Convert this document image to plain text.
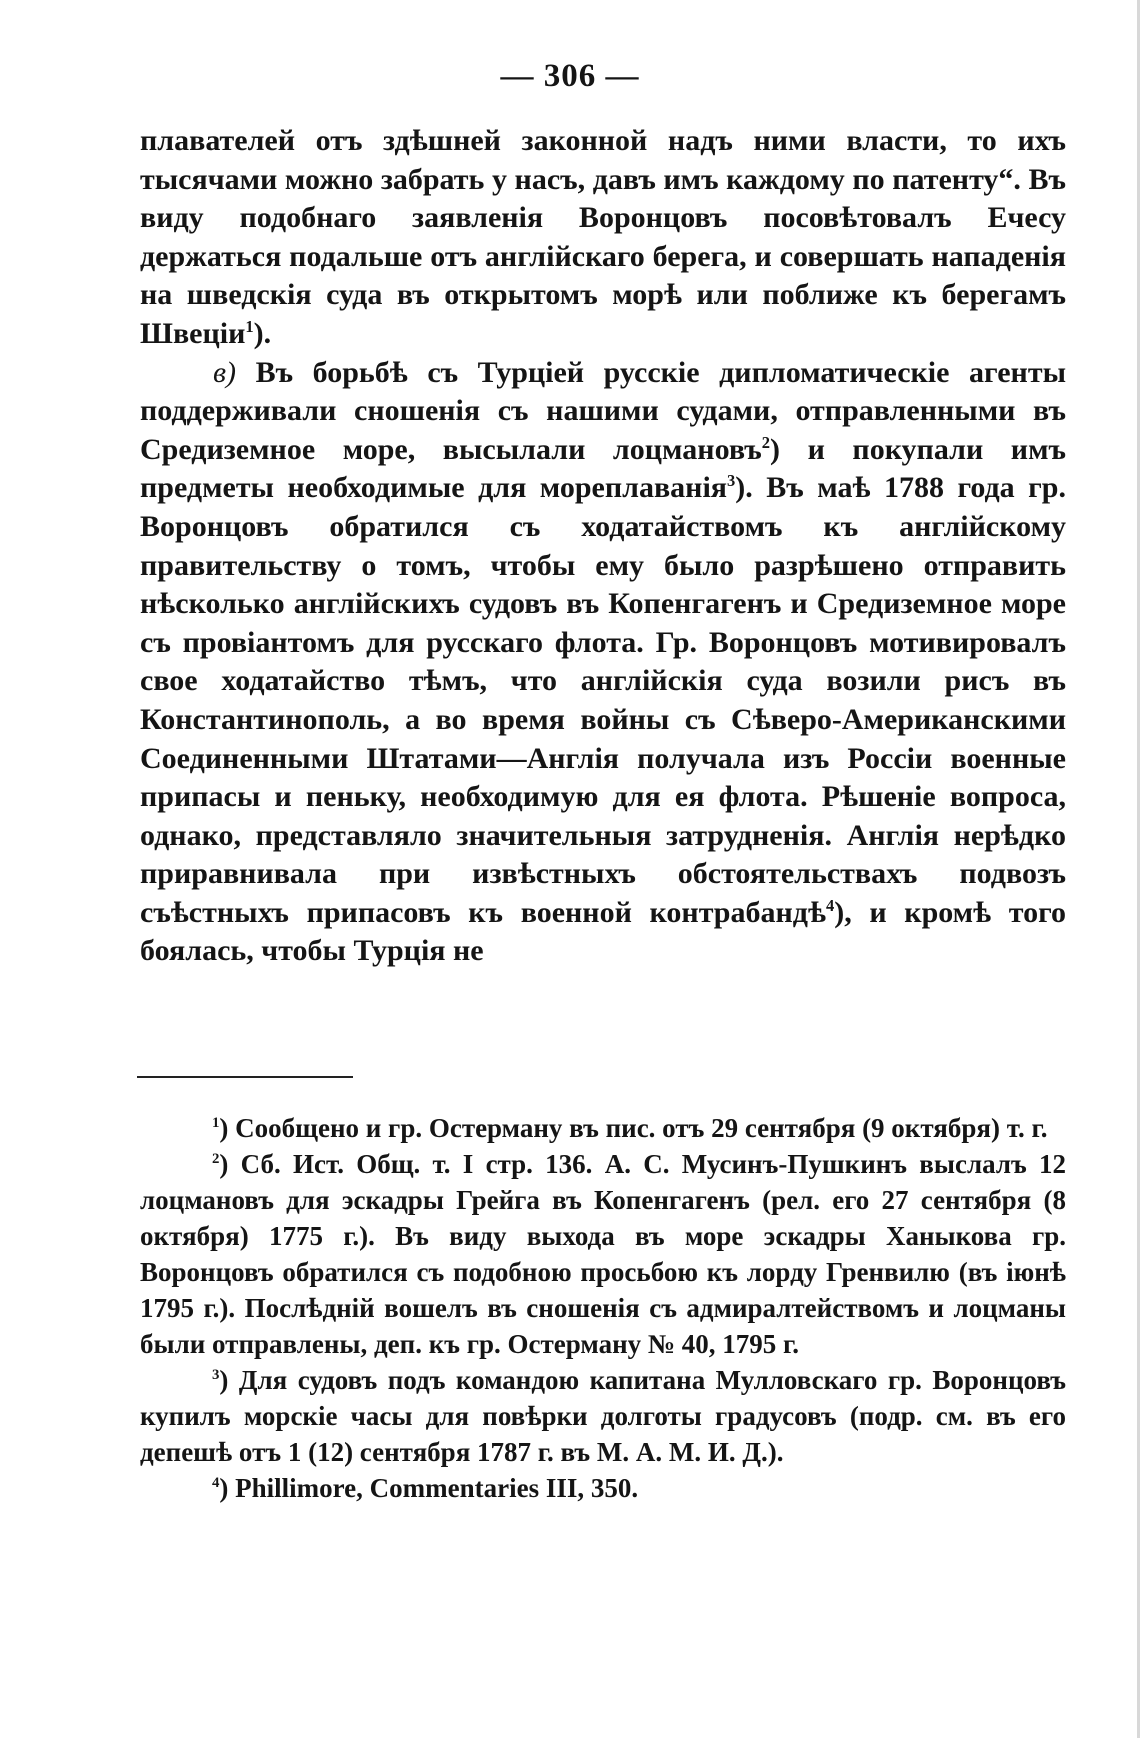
— 306 —

плавателей отъ здѣшней законной надъ ними власти, то ихъ тысячами можно забрать у насъ, давъ имъ каждому по патенту“. Въ виду подобнаго заявленія Воронцовъ посовѣтовалъ Ечесу держаться подальше отъ англійскаго берега, и совершать нападенія на шведскія суда въ открытомъ морѣ или поближе къ берегамъ Швеціи$^1$).

в) Въ борьбѣ съ Турціей русскіе дипломатическіе агенты поддерживали сношенія съ нашими судами, отправленными въ Средиземное море, высылали лоцмановъ$^2$) и покупали имъ предметы необходимые для мореплаванія$^3$). Въ маѣ 1788 года гр. Воронцовъ обратился съ ходатайствомъ къ англійскому правительству о томъ, чтобы ему было разрѣшено отправить нѣсколько англійскихъ судовъ въ Копенгагенъ и Средиземное море съ провіантомъ для русскаго флота. Гр. Воронцовъ мотивировалъ свое ходатайство тѣмъ, что англійскія суда возили рисъ въ Константинополь, а во время войны съ Сѣверо-Американскими Соединенными Штатами—Англія получала изъ Россіи военные припасы и пеньку, необходимую для ея флота. Рѣшеніе вопроса, однако, представляло значительныя затрудненія. Англія нерѣдко приравнивала при извѣстныхъ обстоятельствахъ подвозъ съѣстныхъ припасовъ къ военной контрабандѣ$^4$), и кромѣ того боялась, чтобы Турція не

$^1$) Сообщено и гр. Остерману въ пис. отъ 29 сентября (9 октября) т. г.

$^2$) Сб. Ист. Общ. т. I стр. 136. А. С. Мусинъ-Пушкинъ выслалъ 12 лоцмановъ для эскадры Грейга въ Копенгагенъ (рел. его 27 сентября (8 октября) 1775 г.). Въ виду выхода въ море эскадры Ханыкова гр. Воронцовъ обратился съ подобною просьбою къ лорду Гренвилю (въ іюнѣ 1795 г.). Послѣдній вошелъ въ сношенія съ адмиралтействомъ и лоцманы были отправлены, деп. къ гр. Остерману № 40, 1795 г.

$^3$) Для судовъ подъ командою капитана Мулловскаго гр. Воронцовъ купилъ морскіе часы для повѣрки долготы градусовъ (подр. см. въ его депешѣ отъ 1 (12) сентября 1787 г. въ М. А. М. И. Д.).

$^4$) Phillimore, Commentaries III, 350.
